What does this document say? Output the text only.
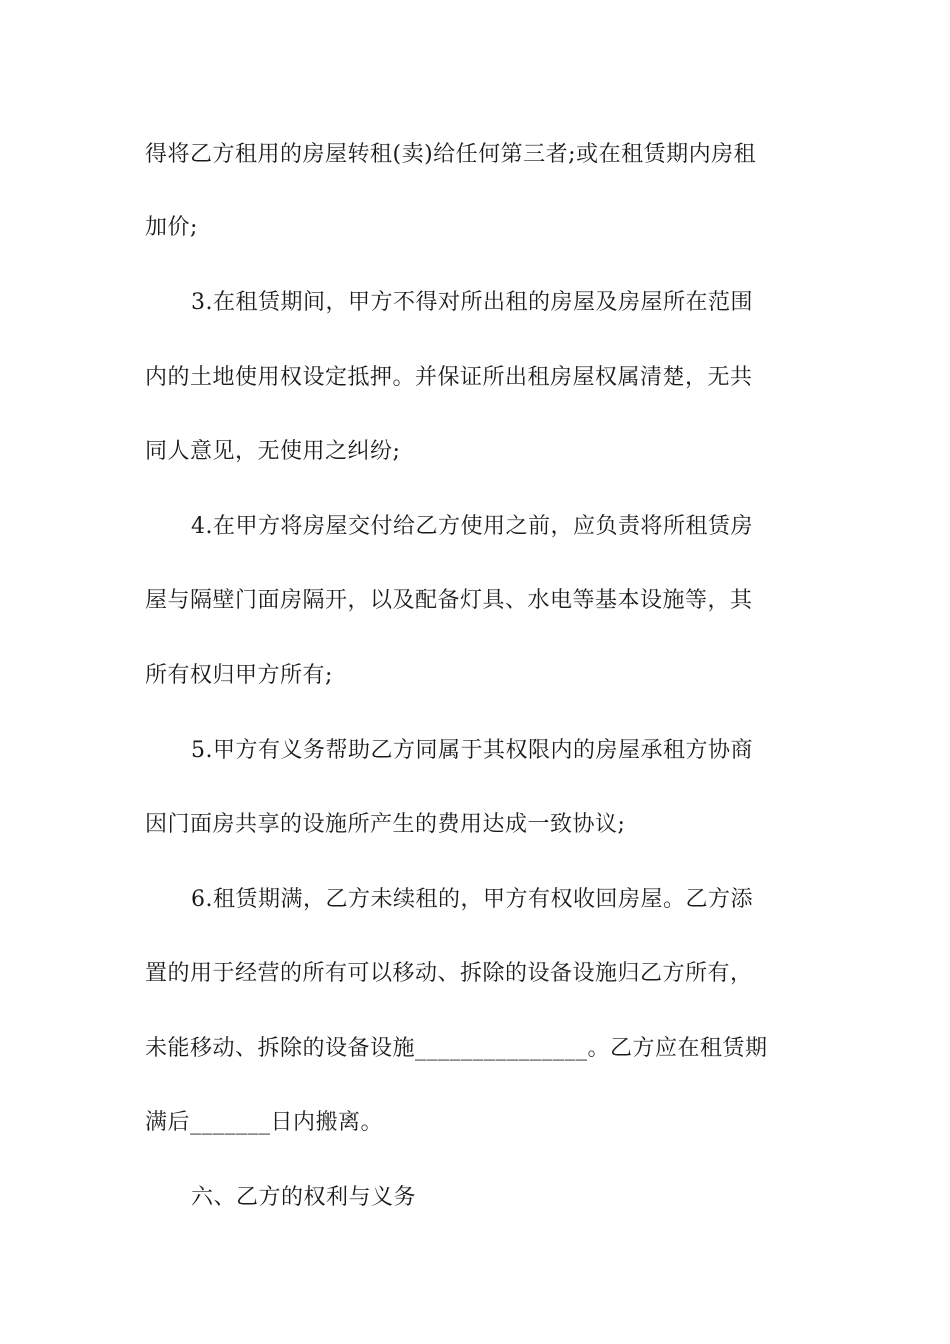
得将乙方租用的房屋转租(卖)给任何第三者;或在租赁期内房租
加价;
3.在租赁期间，甲方不得对所出租的房屋及房屋所在范围
内的土地使用权设定抵押。并保证所出租房屋权属清楚，无共
同人意见，无使用之纠纷;
4.在甲方将房屋交付给乙方使用之前，应负责将所租赁房
屋与隔壁门面房隔开，以及配备灯具、水电等基本设施等，其
所有权归甲方所有;
5.甲方有义务帮助乙方同属于其权限内的房屋承租方协商
因门面房共享的设施所产生的费用达成一致协议;
6.租赁期满，乙方未续租的，甲方有权收回房屋。乙方添
置的用于经营的所有可以移动、拆除的设备设施归乙方所有，
未能移动、拆除的设备设施_______________。乙方应在租赁期
满后_______日内搬离。
六、乙方的权利与义务
